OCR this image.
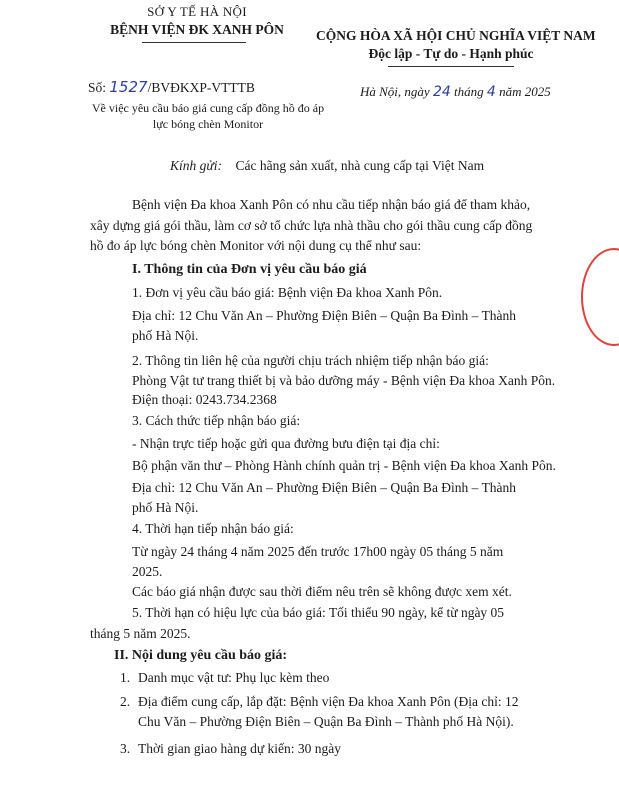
SỞ Y TẾ HÀ NỘI
BỆNH VIỆN ĐK XANH PÔN	CỘNG HÒA XÃ HỘI CHỦ NGHĨA VIỆT NAM
Độc lập - Tự do - Hạnh phúc
Số: 1527/BVĐKXP-VTTTB	Hà Nội, ngày 24 tháng 4 năm 2025
Về việc yêu cầu báo giá cung cấp đồng hồ đo áp
lực bóng chèn Monitor
Kính gửi: Các hãng sản xuất, nhà cung cấp tại Việt Nam
Bệnh viện Đa khoa Xanh Pôn có nhu cầu tiếp nhận báo giá để tham khảo,
xây dựng giá gói thầu, làm cơ sở tổ chức lựa nhà thầu cho gói thầu cung cấp đồng
hồ đo áp lực bóng chèn Monitor với nội dung cụ thể như sau:
I. Thông tin của Đơn vị yêu cầu báo giá
1. Đơn vị yêu cầu báo giá: Bệnh viện Đa khoa Xanh Pôn.
Địa chỉ: 12 Chu Văn An – Phường Điện Biên – Quận Ba Đình – Thành
phố Hà Nội.
2. Thông tin liên hệ của người chịu trách nhiệm tiếp nhận báo giá:
Phòng Vật tư trang thiết bị và bảo dưỡng máy - Bệnh viện Đa khoa Xanh Pôn.
Điện thoại: 0243.734.2368
3. Cách thức tiếp nhận báo giá:
- Nhận trực tiếp hoặc gửi qua đường bưu điện tại địa chỉ:
Bộ phận văn thư – Phòng Hành chính quản trị - Bệnh viện Đa khoa Xanh Pôn.
Địa chỉ: 12 Chu Văn An – Phường Điện Biên – Quận Ba Đình – Thành
phố Hà Nội.
4. Thời hạn tiếp nhận báo giá:
Từ ngày 24 tháng 4 năm 2025 đến trước 17h00 ngày 05 tháng 5 năm
2025.
Các báo giá nhận được sau thời điểm nêu trên sẽ không được xem xét.
5. Thời hạn có hiệu lực của báo giá: Tối thiểu 90 ngày, kể từ ngày 05
tháng 5 năm 2025.
II. Nội dung yêu cầu báo giá:
1. Danh mục vật tư: Phụ lục kèm theo
2. Địa điểm cung cấp, lắp đặt: Bệnh viện Đa khoa Xanh Pôn (Địa chỉ: 12
Chu Văn – Phường Điện Biên – Quận Ba Đình – Thành phố Hà Nội).
3. Thời gian giao hàng dự kiến: 30 ngày
